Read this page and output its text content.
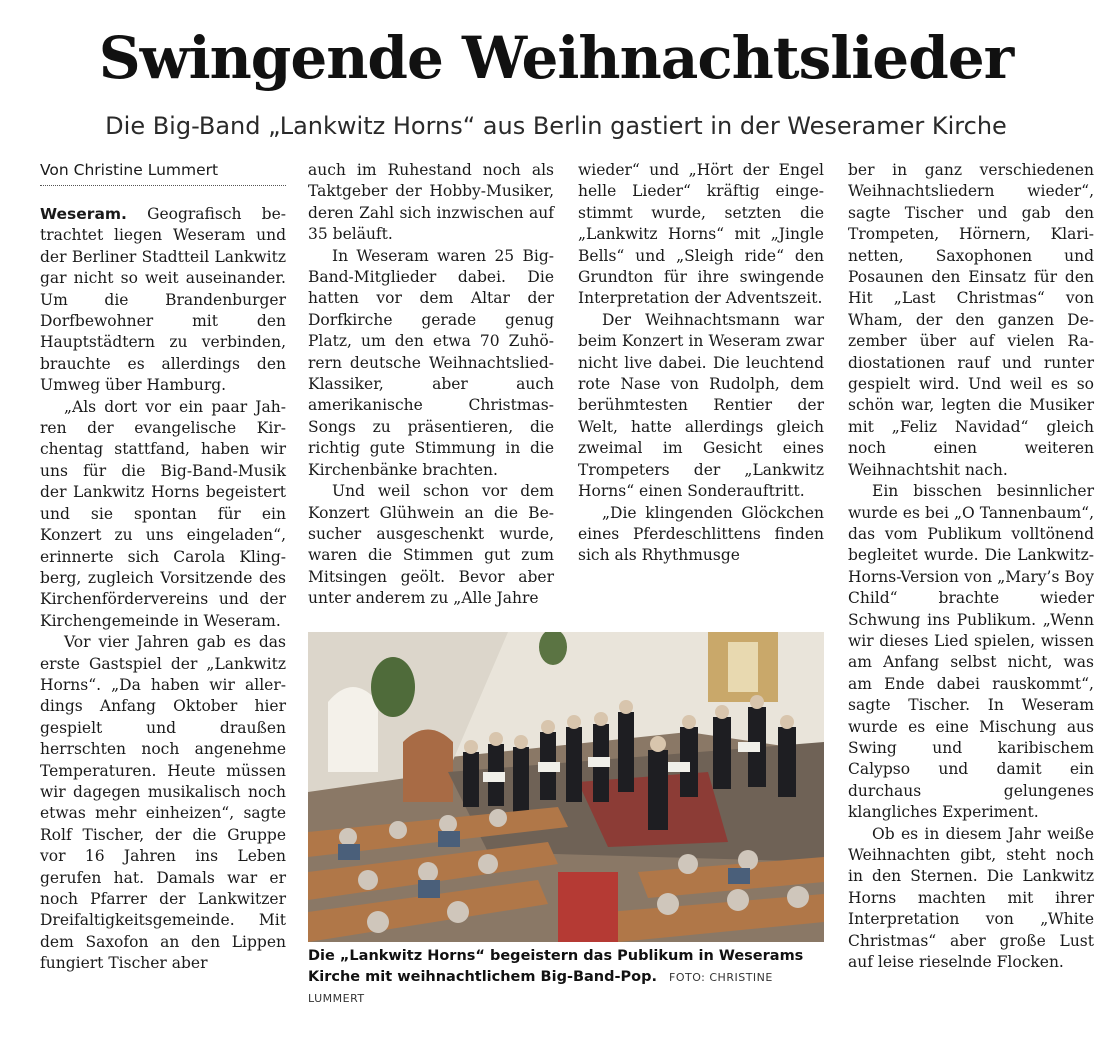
Swingende Weihnachtslieder
Die Big-Band „Lankwitz Horns“ aus Berlin gastiert in der Weseramer Kirche
Von Christine Lummert

Weseram. Geografisch betrachtet liegen Weseram und der Berliner Stadtteil Lankwitz gar nicht so weit auseinander. Um die Brandenburger Dorfbewohner mit den Hauptstädtern zu verbinden, brauchte es allerdings den Umweg über Hamburg.

„Als dort vor ein paar Jahren der evangelische Kirchentag stattfand, haben wir uns für die Big-Band-Musik der Lankwitz Horns begeistert und sie spontan für ein Konzert zu uns eingeladen“, erinnerte sich Carola Klingberg, zugleich Vorsitzende des Kirchenfördervereins und der Kirchengemeinde in Weseram.

Vor vier Jahren gab es das erste Gastspiel der „Lankwitz Horns“. „Da haben wir allerdings Anfang Oktober hier gespielt und draußen herrschten noch angenehme Temperaturen. Heute müssen wir dagegen musikalisch noch etwas mehr einheizen“, sagte Rolf Tischer, der die Gruppe vor 16 Jahren ins Leben gerufen hat. Damals war er noch Pfarrer der Lankwitzer Dreifaltigkeitsgemeinde. Mit dem Saxofon an den Lippen fungiert Tischer aber

auch im Ruhestand noch als Taktgeber der Hobby-Musiker, deren Zahl sich inzwischen auf 35 beläuft.

In Weseram waren 25 Big-Band-Mitglieder dabei. Die hatten vor dem Altar der Dorfkirche gerade genug Platz, um den etwa 70 Zuhörern deutsche Weihnachtslied-Klassiker, aber auch amerikanische Christmas-Songs zu präsentieren, die richtig gute Stimmung in die Kirchenbänke brachten.

Und weil schon vor dem Konzert Glühwein an die Besucher ausgeschenkt wurde, waren die Stimmen gut zum Mitsingen geölt. Bevor aber unter anderem zu „Alle Jahre

wieder“ und „Hört der Engel helle Lieder“ kräftig eingestimmt wurde, setzten die „Lankwitz Horns“ mit „Jingle Bells“ und „Sleigh ride“ den Grundton für ihre swingende Interpretation der Adventszeit.

Der Weihnachtsmann war beim Konzert in Weseram zwar nicht live dabei. Die leuchtend rote Nase von Rudolph, dem berühmtesten Rentier der Welt, hatte allerdings gleich zweimal im Gesicht eines Trompeters der „Lankwitz Horns“ einen Sonderauftritt.

„Die klingenden Glöckchen eines Pferdeschlittens finden sich als Rhythmusge

ber in ganz verschiedenen Weihnachtsliedern wieder“, sagte Tischer und gab den Trompeten, Hörnern, Klarinetten, Saxophonen und Posaunen den Einsatz für den Hit „Last Christmas“ von Wham, der den ganzen Dezember über auf vielen Radiostationen rauf und runter gespielt wird. Und weil es so schön war, legten die Musiker mit „Feliz Navidad“ gleich noch einen weiteren Weihnachtshit nach.

Ein bisschen besinnlicher wurde es bei „O Tannenbaum“, das vom Publikum volltönend begleitet wurde. Die Lankwitz-Horns-Version von „Mary’s Boy Child“ brachte wieder Schwung ins Publikum. „Wenn wir dieses Lied spielen, wissen am Anfang selbst nicht, was am Ende dabei rauskommt“, sagte Tischer. In Weseram wurde es eine Mischung aus Swing und karibischem Calypso und damit ein durchaus gelungenes klangliches Experiment.

Ob es in diesem Jahr weiße Weihnachten gibt, steht noch in den Sternen. Die Lankwitz Horns machten mit ihrer Interpretation von „White Christmas“ aber große Lust auf leise rieselnde Flocken.

Die „Lankwitz Horns“ begeistern das Publikum in Weserams Kirche mit weihnachtlichem Big-Band-Pop. FOTO: CHRISTINE LUMMERT
